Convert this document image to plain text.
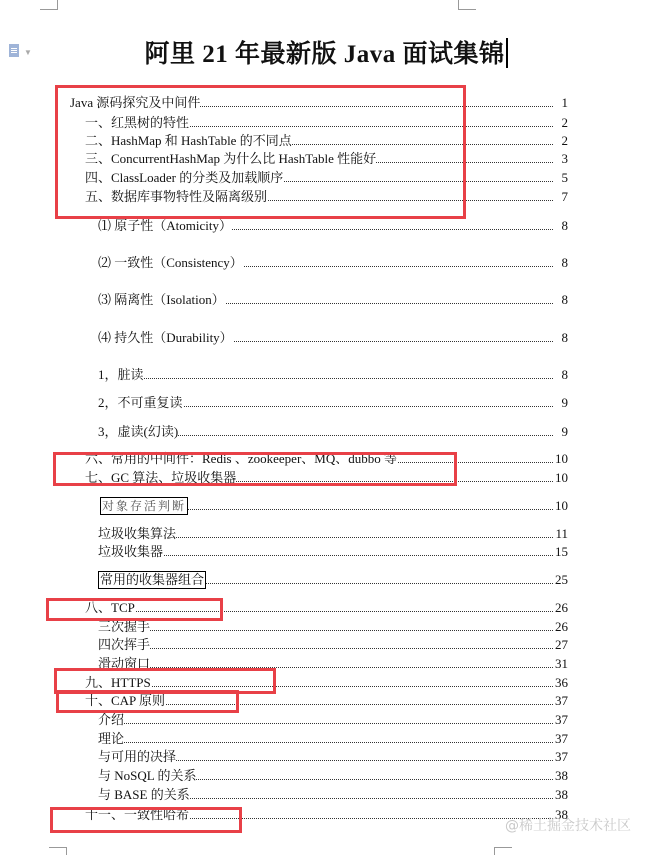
▼	阿里 21 年最新版 Java 面试集锦
Java 源码探究及中间件	1
一、红黑树的特性	2
二、HashMap 和 HashTable 的不同点	2
三、ConcurrentHashMap 为什么比 HashTable 性能好	3
四、ClassLoader 的分类及加载顺序	5
五、数据库事物特性及隔离级别	7
⑴ 原子性（Atomicity）	8
⑵ 一致性（Consistency）	8
⑶ 隔离性（Isolation）	8
⑷ 持久性（Durability）	8
1，脏读	8
2，不可重复读	9
3，虚读(幻读)	9
六、常用的中间件：Redis 、zookeeper、MQ、dubbo 等	10
七、GC 算法、垃圾收集器	10
对象存活判断	10
垃圾收集算法	11
垃圾收集器	15
常用的收集器组合	25
八、TCP	26
三次握手	26
四次挥手	27
滑动窗口	31
九、HTTPS	36
十、CAP 原则	37
介绍	37
理论	37
与可用的决择	37
与 NoSQL 的关系	38
与 BASE 的关系	38
十一、一致性哈希	38
@稀土掘金技术社区
